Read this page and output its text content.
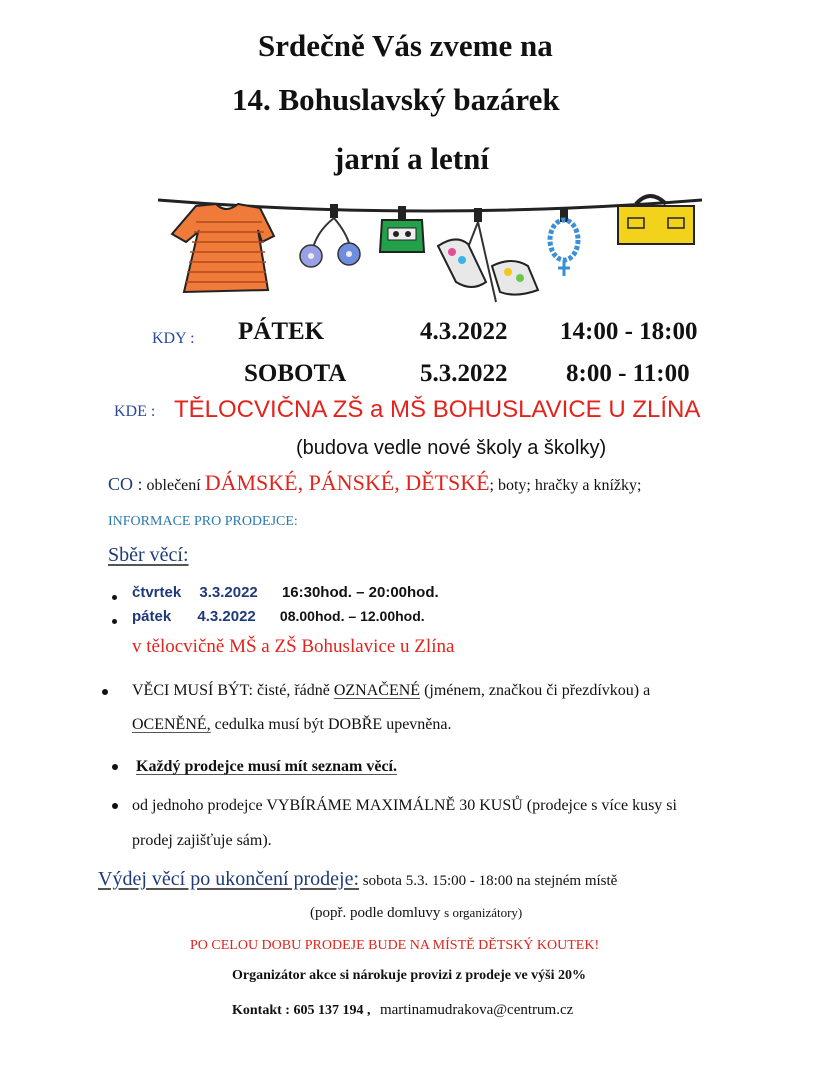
Srdečně Vás zveme na
14. Bohuslavský bazárek
jarní a letní
KDY : PÁTEK	4.3.2022 14:00 - 18:00
SOBOTA	5.3.2022 8:00 - 11:00
KDE : TĚLOCVIČNA ZŠ a MŠ BOHUSLAVICE U ZLÍNA
(budova vedle nové školy a školky)
CO : oblečení DÁMSKÉ, PÁNSKÉ, DĚTSKÉ; boty; hračky a knížky;
INFORMACE PRO PRODEJCE:
Sběr věcí:
čtvrtek 3.3.2022 16:30hod. – 20:00hod.
pátek 4.3.2022 08.00hod. – 12.00hod.
v tělocvičně MŠ a ZŠ Bohuslavice u Zlína
VĚCI MUSÍ BÝT: čisté, řádně OZNAČENÉ (jménem, značkou či přezdívkou) a
OCENĚNÉ, cedulka musí být DOBŘE upevněna.
Každý prodejce musí mít seznam věcí.
od jednoho prodejce VYBÍRÁME MAXIMÁLNĚ 30 KUSŮ (prodejce s více kusy si
prodej zajišťuje sám).
Výdej věcí po ukončení prodeje: sobota 5.3. 15:00 - 18:00 na stejném místě
(popř. podle domluvy s organizátory)
PO CELOU DOBU PRODEJE BUDE NA MÍSTĚ DĚTSKÝ KOUTEK!
Organizátor akce si nárokuje provizi z prodeje ve výši 20%
Kontakt : 605 137 194 , martinamudrakova@centrum.cz
